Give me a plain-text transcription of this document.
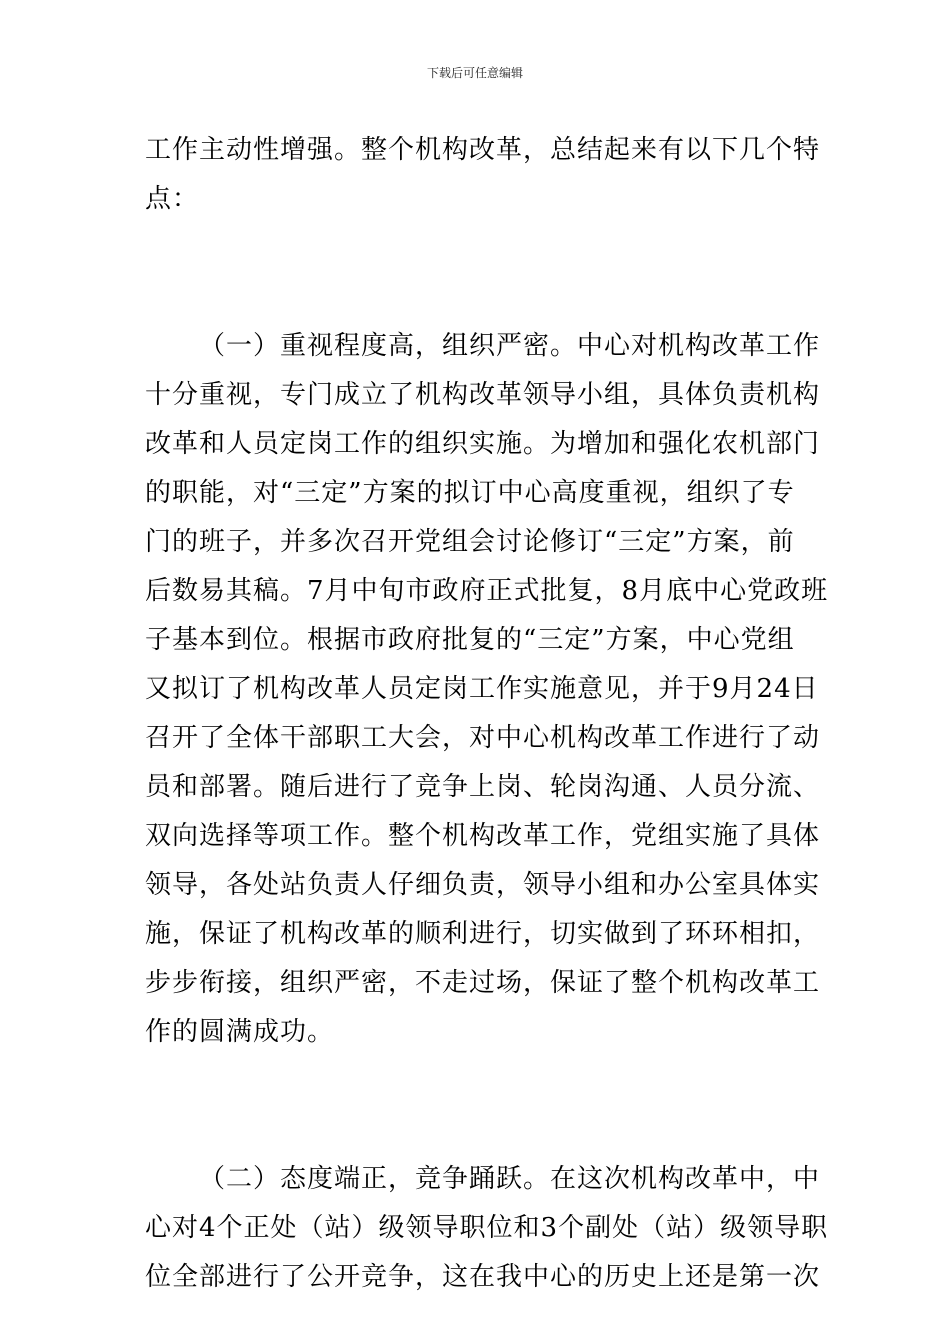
下载后可任意编辑

工作主动性增强。整个机构改革，总结起来有以下几个特
点：

（一）重视程度高，组织严密。中心对机构改革工作
十分重视，专门成立了机构改革领导小组，具体负责机构
改革和人员定岗工作的组织实施。为增加和强化农机部门
的职能，对“三定”方案的拟订中心高度重视，组织了专
门的班子，并多次召开党组会讨论修订“三定”方案，前
后数易其稿。7月中旬市政府正式批复，8月底中心党政班
子基本到位。根据市政府批复的“三定”方案，中心党组
又拟订了机构改革人员定岗工作实施意见，并于9月24日
召开了全体干部职工大会，对中心机构改革工作进行了动
员和部署。随后进行了竞争上岗、轮岗沟通、人员分流、
双向选择等项工作。整个机构改革工作，党组实施了具体
领导，各处站负责人仔细负责，领导小组和办公室具体实
施，保证了机构改革的顺利进行，切实做到了环环相扣，
步步衔接，组织严密，不走过场，保证了整个机构改革工
作的圆满成功。

（二）态度端正，竞争踊跃。在这次机构改革中，中
心对4个正处（站）级领导职位和3个副处（站）级领导职
位全部进行了公开竞争，这在我中心的历史上还是第一次
